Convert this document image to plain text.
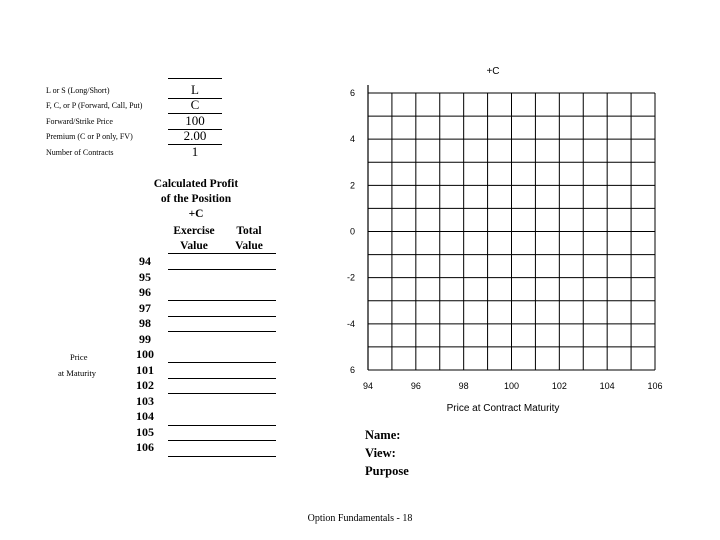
L or S (Long/Short)	L
F, C, or P (Forward, Call, Put)	C
Forward/Strike Price	100
Premium (C or P only, FV)	2.00
Number of Contracts	1
Calculated Profit
of the Position
+C
Exercise
Value
Total
Value
94
95
96
97
98
99
100
101
102
103
104
105
106
Price
at Maturity
6
4
2
0
-2
-4
6
94	96	98	100	102	104	106
+C
Price at Contract Maturity
Name:
View:
Purpose
Option Fundamentals - 18
